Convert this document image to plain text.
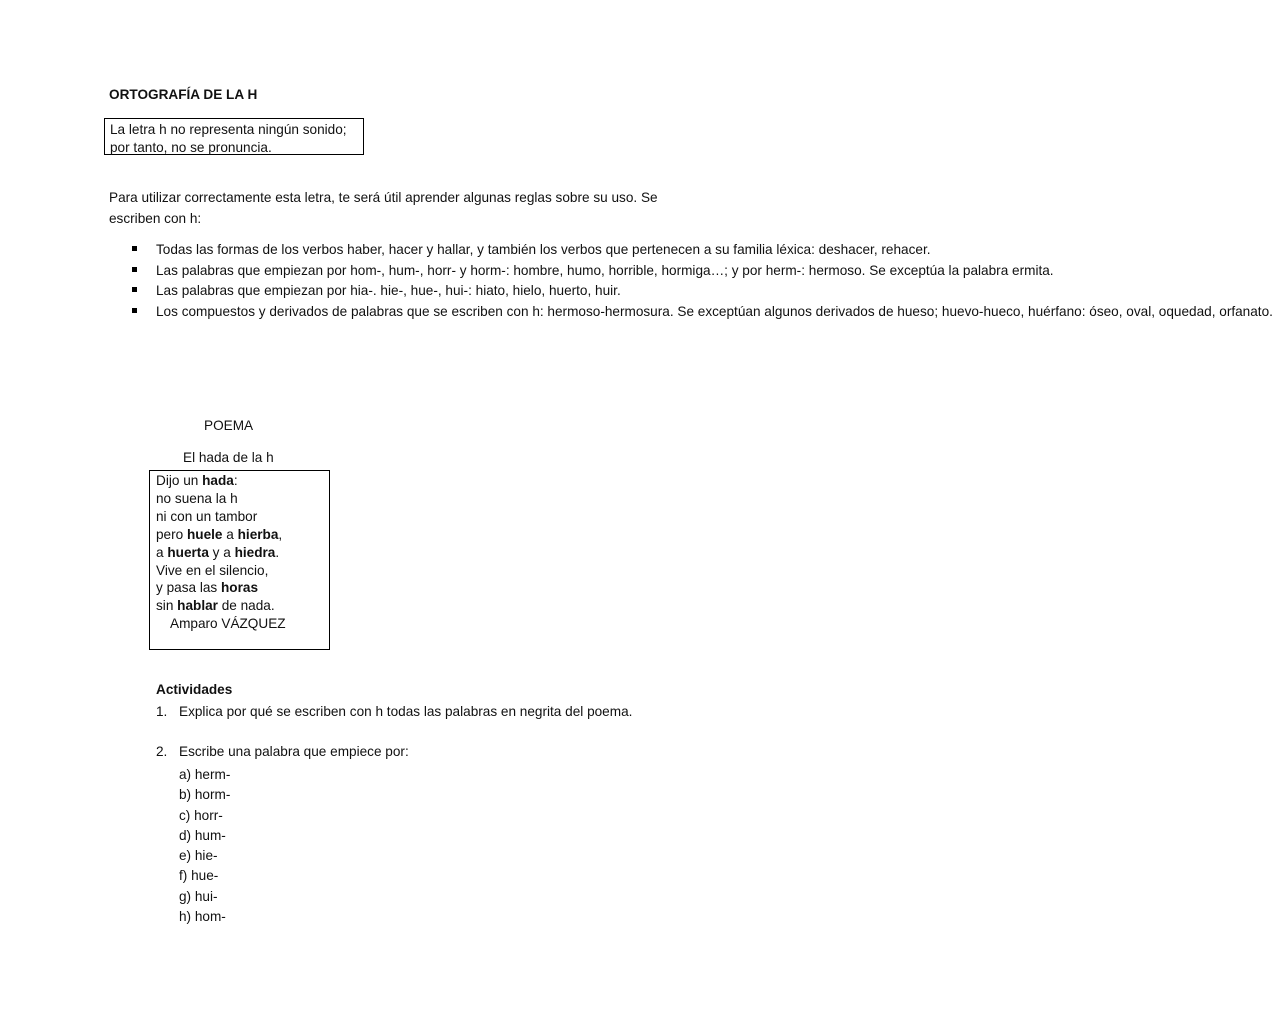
ORTOGRAFÍA DE LA H
La letra h no representa ningún sonido;
por tanto, no se pronuncia.
Para utilizar correctamente esta letra, te será útil aprender algunas reglas sobre su uso. Se escriben con h:
Todas las formas de los verbos haber, hacer y hallar, y también los verbos que pertenecen a su familia léxica: deshacer, rehacer.
Las palabras que empiezan por hom-, hum-, horr- y horm-: hombre, humo, horrible, hormiga…; y por herm-: hermoso. Se exceptúa la palabra ermita.
Las palabras que empiezan por hia-. hie-, hue-, hui-: hiato, hielo, huerto, huir.
Los compuestos y derivados de palabras que se escriben con h: hermoso-hermosura. Se exceptúan algunos derivados de hueso; huevo-hueco, huérfano: óseo, oval, oquedad, orfanato.
POEMA
El hada de la h
Dijo un hada:
no suena la h
ni con un tambor
pero huele a hierba,
a huerta y a hiedra.
Vive en el silencio,
y pasa las horas
sin hablar de nada.
Amparo VÁZQUEZ
Actividades
1. Explica por qué se escriben con h todas las palabras en negrita del poema.
2. Escribe una palabra que empiece por:
a) herm-
b) horm-
c) horr-
d) hum-
e) hie-
f) hue-
g) hui-
h) hom-
